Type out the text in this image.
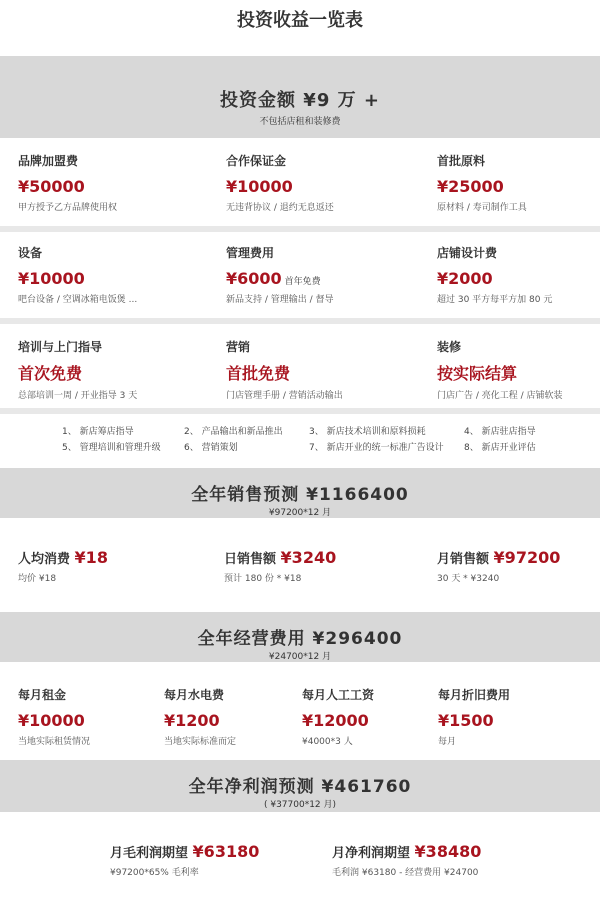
投资收益一览表
投资金额 ¥9 万 +
不包括店租和装修费
品牌加盟费
¥50000
甲方授予乙方品牌使用权
合作保证金
¥10000
无违背协议 / 退约无息返还
首批原料
¥25000
原材料 / 寿司制作工具
设备
¥10000
吧台设备 / 空调冰箱电饭煲 ...
管理费用
¥6000 首年免费
新品支持 / 管理输出 / 督导
店铺设计费
¥2000
超过 30 平方每平方加 80 元
培训与上门指导
首次免费
总部培训一周 / 开业指导 3 天
营销
首批免费
门店管理手册 / 营销活动输出
装修
按实际结算
门店广告 / 亮化工程 / 店铺软装
1、 新店筹店指导	2、 产品输出和新品推出	3、 新店技术培训和原料损耗	4、 新店驻店指导
5、 管理培训和管理升级	6、 营销策划	7、 新店开业的统一标准广告设计 8、 新店开业评估
全年销售预测 ¥1166400
¥97200*12 月
人均消费 ¥18
均价 ¥18
日销售额 ¥3240
预计 180 份 * ¥18
月销售额 ¥97200
30 天 * ¥3240
全年经营费用 ¥296400
¥24700*12 月
每月租金
¥10000
当地实际租赁情况
每月水电费
¥1200
当地实际标准而定
每月人工工资
¥12000
¥4000*3 人
每月折旧费用
¥1500
每月
全年净利润预测 ¥461760
( ¥37700*12 月)
月毛利润期望 ¥63180
¥97200*65% 毛利率
月净利润期望 ¥38480
毛利润 ¥63180 - 经营费用 ¥24700
